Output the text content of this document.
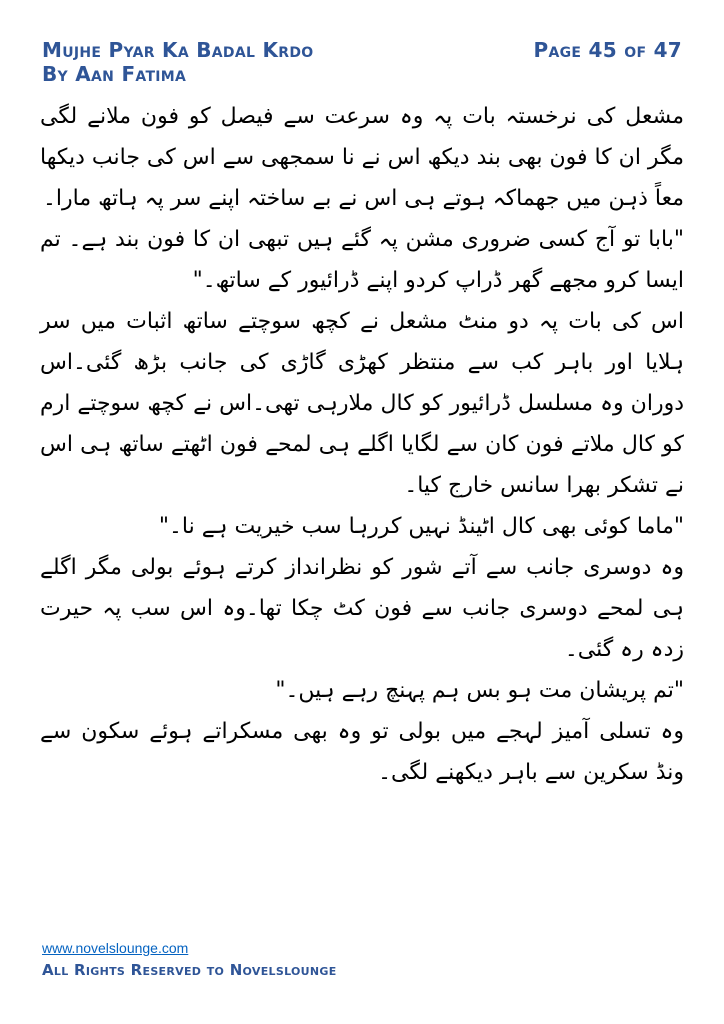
Mujhe Pyar Ka Badal Krdo
By Aan Fatima
Page 45 of 47

مشعل کی نرخستہ بات پہ وہ سرعت سے فیصل کو فون ملانے لگی مگر ان کا فون بھی بند دیکھ اس نے نا سمجھی سے اس کی جانب دیکھا معاً ذہن میں جھماکہ ہوتے ہی اس نے بے ساختہ اپنے سر پہ ہاتھ مارا۔

"بابا تو آج کسی ضروری مشن پہ گئے ہیں تبھی ان کا فون بند ہے۔ تم ایسا کرو مجھے گھر ڈراپ کردو اپنے ڈرائیور کے ساتھ۔"

اس کی بات پہ دو منٹ مشعل نے کچھ سوچتے ساتھ اثبات میں سر ہلایا اور باہر کب سے منتظر کھڑی گاڑی کی جانب بڑھ گئی۔اس دوران وہ مسلسل ڈرائیور کو کال ملارہی تھی۔اس نے کچھ سوچتے ارم کو کال ملاتے فون کان سے لگایا اگلے ہی لمحے فون اٹھتے ساتھ ہی اس نے تشکر بھرا سانس خارج کیا۔

"ماما کوئی بھی کال اٹینڈ نہیں کررہا سب خیریت ہے نا۔"

وہ دوسری جانب سے آتے شور کو نظرانداز کرتے ہوئے بولی مگر اگلے ہی لمحے دوسری جانب سے فون کٹ چکا تھا۔وہ اس سب پہ حیرت زدہ رہ گئی۔

"تم پریشان مت ہو بس ہم پہنچ رہے ہیں۔"

وہ تسلی آمیز لہجے میں بولی تو وہ بھی مسکراتے ہوئے سکون سے ونڈ سکرین سے باہر دیکھنے لگی۔

www.novelslounge.com
All Rights Reserved to Novelslounge
